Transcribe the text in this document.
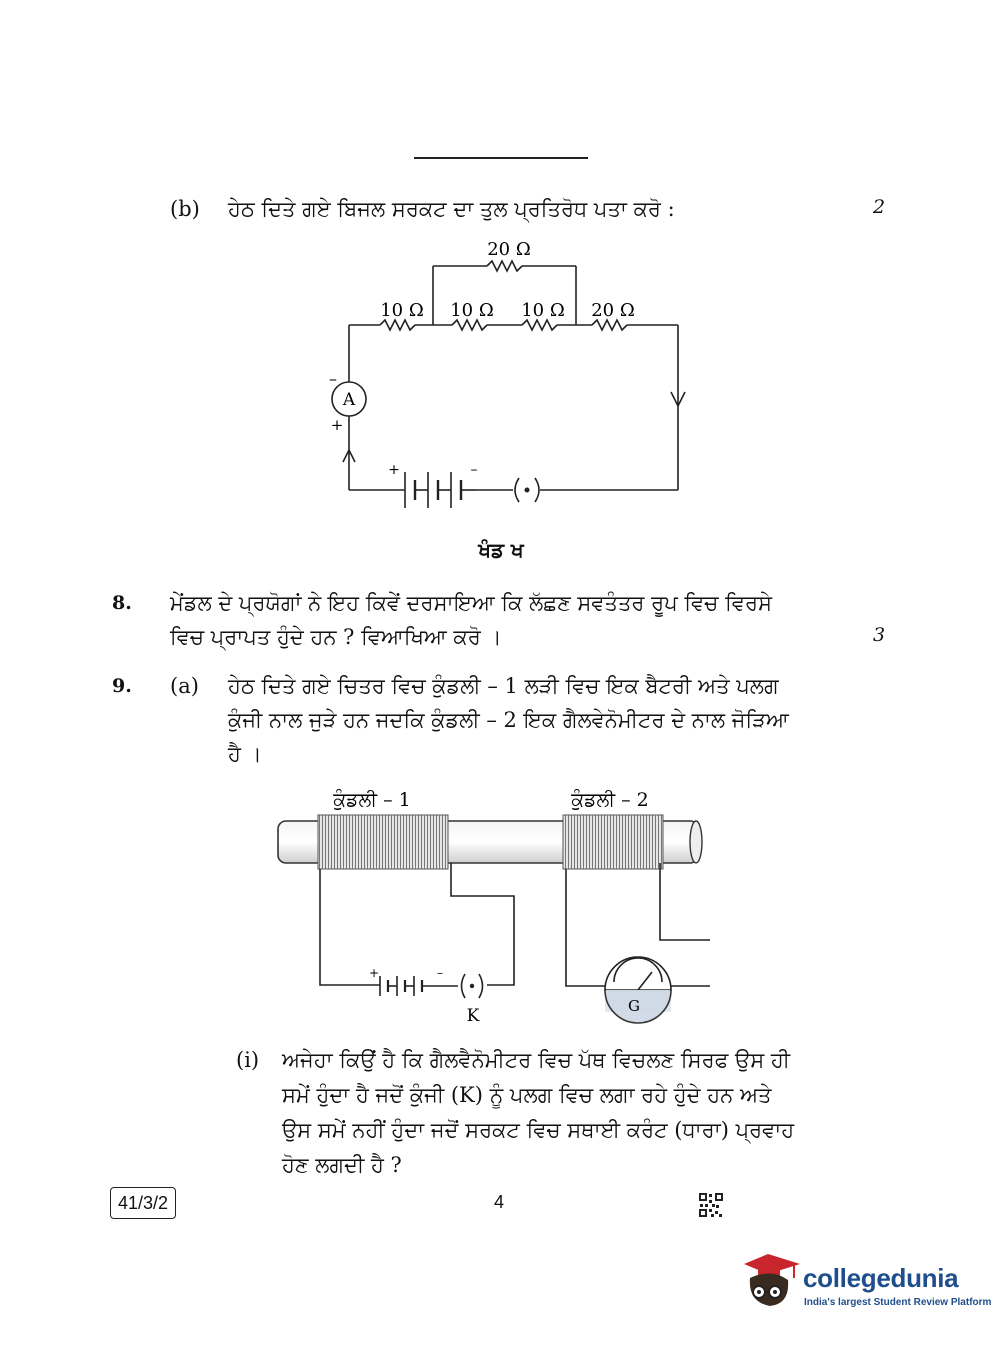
(b) ਹੇਠ ਦਿਤੇ ਗਏ ਬਿਜਲ ਸਰਕਟ ਦਾ ਤੁਲ ਪ੍ਰਤਿਰੋਧ ਪਤਾ ਕਰੋ :	2
20 Ω
10 Ω 10 Ω 10 Ω 20 Ω
A
–
+
+	–
(•)
ਖੰਡ ਖ
8. ਮੇਂਡਲ ਦੇ ਪ੍ਰਯੋਗਾਂ ਨੇ ਇਹ ਕਿਵੇਂ ਦਰਸਾਇਆ ਕਿ ਲੱਛਣ ਸਵਤੰਤਰ ਰੂਪ ਵਿਚ ਵਿਰਸੇ
ਵਿਚ ਪ੍ਰਾਪਤ ਹੁੰਦੇ ਹਨ ? ਵਿਆਖਿਆ ਕਰੋ ।	3
9. (a) ਹੇਠ ਦਿਤੇ ਗਏ ਚਿਤਰ ਵਿਚ ਕੁੰਡਲੀ – 1 ਲੜੀ ਵਿਚ ਇਕ ਬੈਟਰੀ ਅਤੇ ਪਲਗ
ਕੁੰਜੀ ਨਾਲ ਜੁੜੇ ਹਨ ਜਦਕਿ ਕੁੰਡਲੀ – 2 ਇਕ ਗੈਲਵੇਨੋਮੀਟਰ ਦੇ ਨਾਲ ਜੋੜਿਆ
ਹੈ ।
ਕੁੰਡਲੀ – 1	ਕੁੰਡਲੀ – 2
+	–
(•)
K	G
(i) ਅਜੇਹਾ ਕਿਉਂ ਹੈ ਕਿ ਗੈਲਵੈਨੋਮੀਟਰ ਵਿਚ ਪੱਥ ਵਿਚਲਣ ਸਿਰਫ ਉਸ ਹੀ
ਸਮੇਂ ਹੁੰਦਾ ਹੈ ਜਦੋਂ ਕੁੰਜੀ (K) ਨੂੰ ਪਲਗ ਵਿਚ ਲਗਾ ਰਹੇ ਹੁੰਦੇ ਹਨ ਅਤੇ
ਉਸ ਸਮੇਂ ਨਹੀਂ ਹੁੰਦਾ ਜਦੋਂ ਸਰਕਟ ਵਿਚ ਸਥਾਈ ਕਰੰਟ (ਧਾਰਾ) ਪ੍ਰਵਾਹ
ਹੋਣ ਲਗਦੀ ਹੈ ?
41/3/2	4
collegedunia
India's largest Student Review Platform
